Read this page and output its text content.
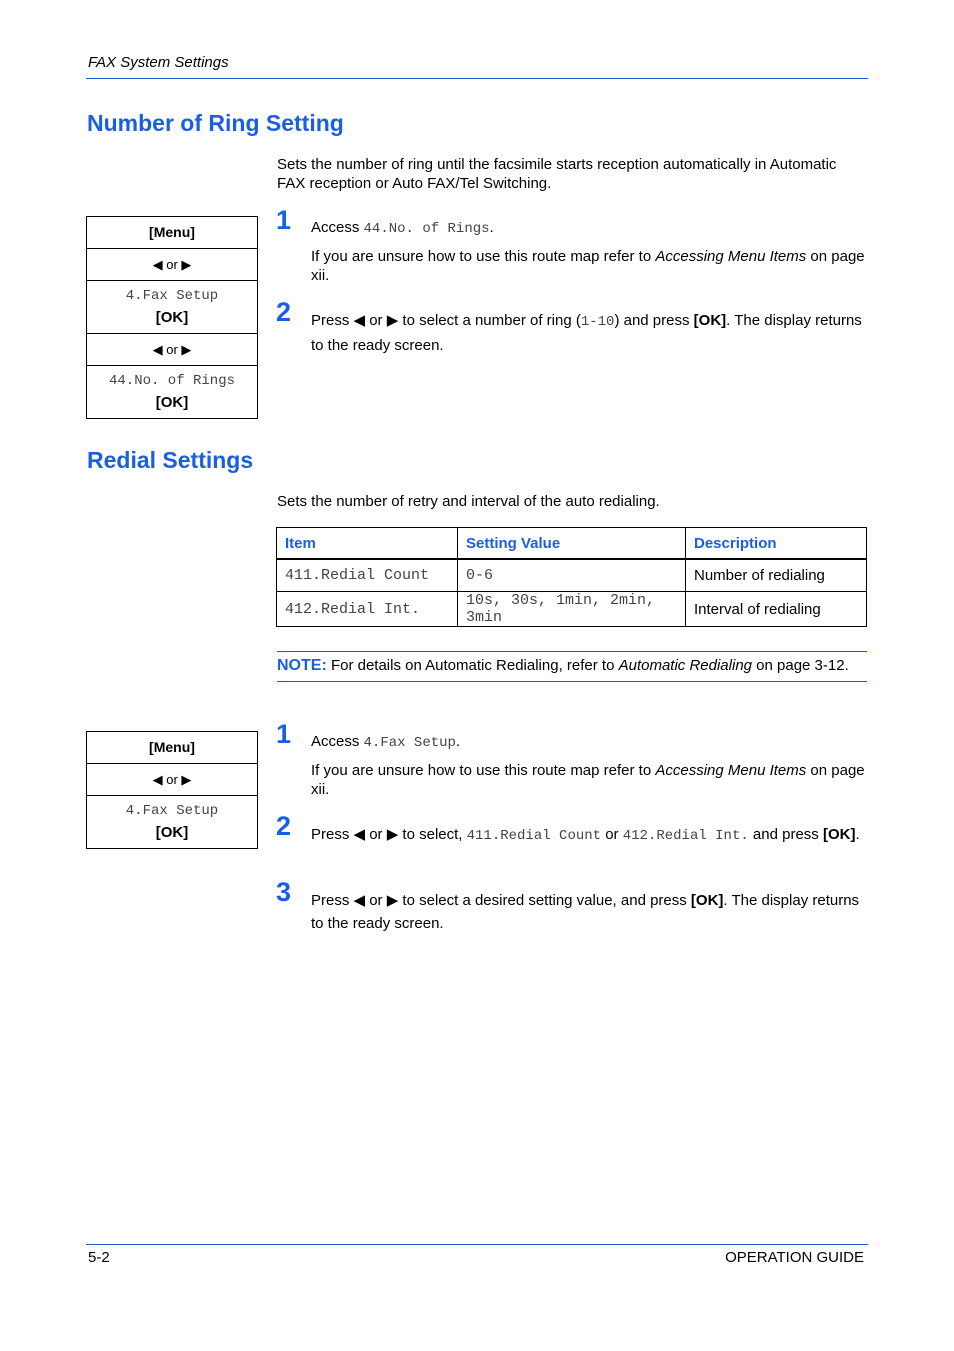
FAX System Settings
Number of Ring Setting
Sets the number of ring until the facsimile starts reception automatically in Automatic FAX reception or Auto FAX/Tel Switching.
[Menu]
◀ or ▶
4.Fax Setup
[OK]
◀ or ▶
44.No. of Rings
[OK]
1 Access 44.No. of Rings.
If you are unsure how to use this route map refer to Accessing Menu Items on page xii.
2 Press ◀ or ▶ to select a number of ring (1-10) and press [OK]. The display returns to the ready screen.
Redial Settings
Sets the number of retry and interval of the auto redialing.
Item	Setting Value	Description
411.Redial Count	0-6	Number of redialing
412.Redial Int.	10s, 30s, 1min, 2min, 3min	Interval of redialing
NOTE: For details on Automatic Redialing, refer to Automatic Redialing on page 3-12.
[Menu]
◀ or ▶
4.Fax Setup
[OK]
1 Access 4.Fax Setup.
If you are unsure how to use this route map refer to Accessing Menu Items on page xii.
2 Press ◀ or ▶ to select, 411.Redial Count or 412.Redial Int. and press [OK].
3 Press ◀ or ▶ to select a desired setting value, and press [OK]. The display returns to the ready screen.
5-2	OPERATION GUIDE
